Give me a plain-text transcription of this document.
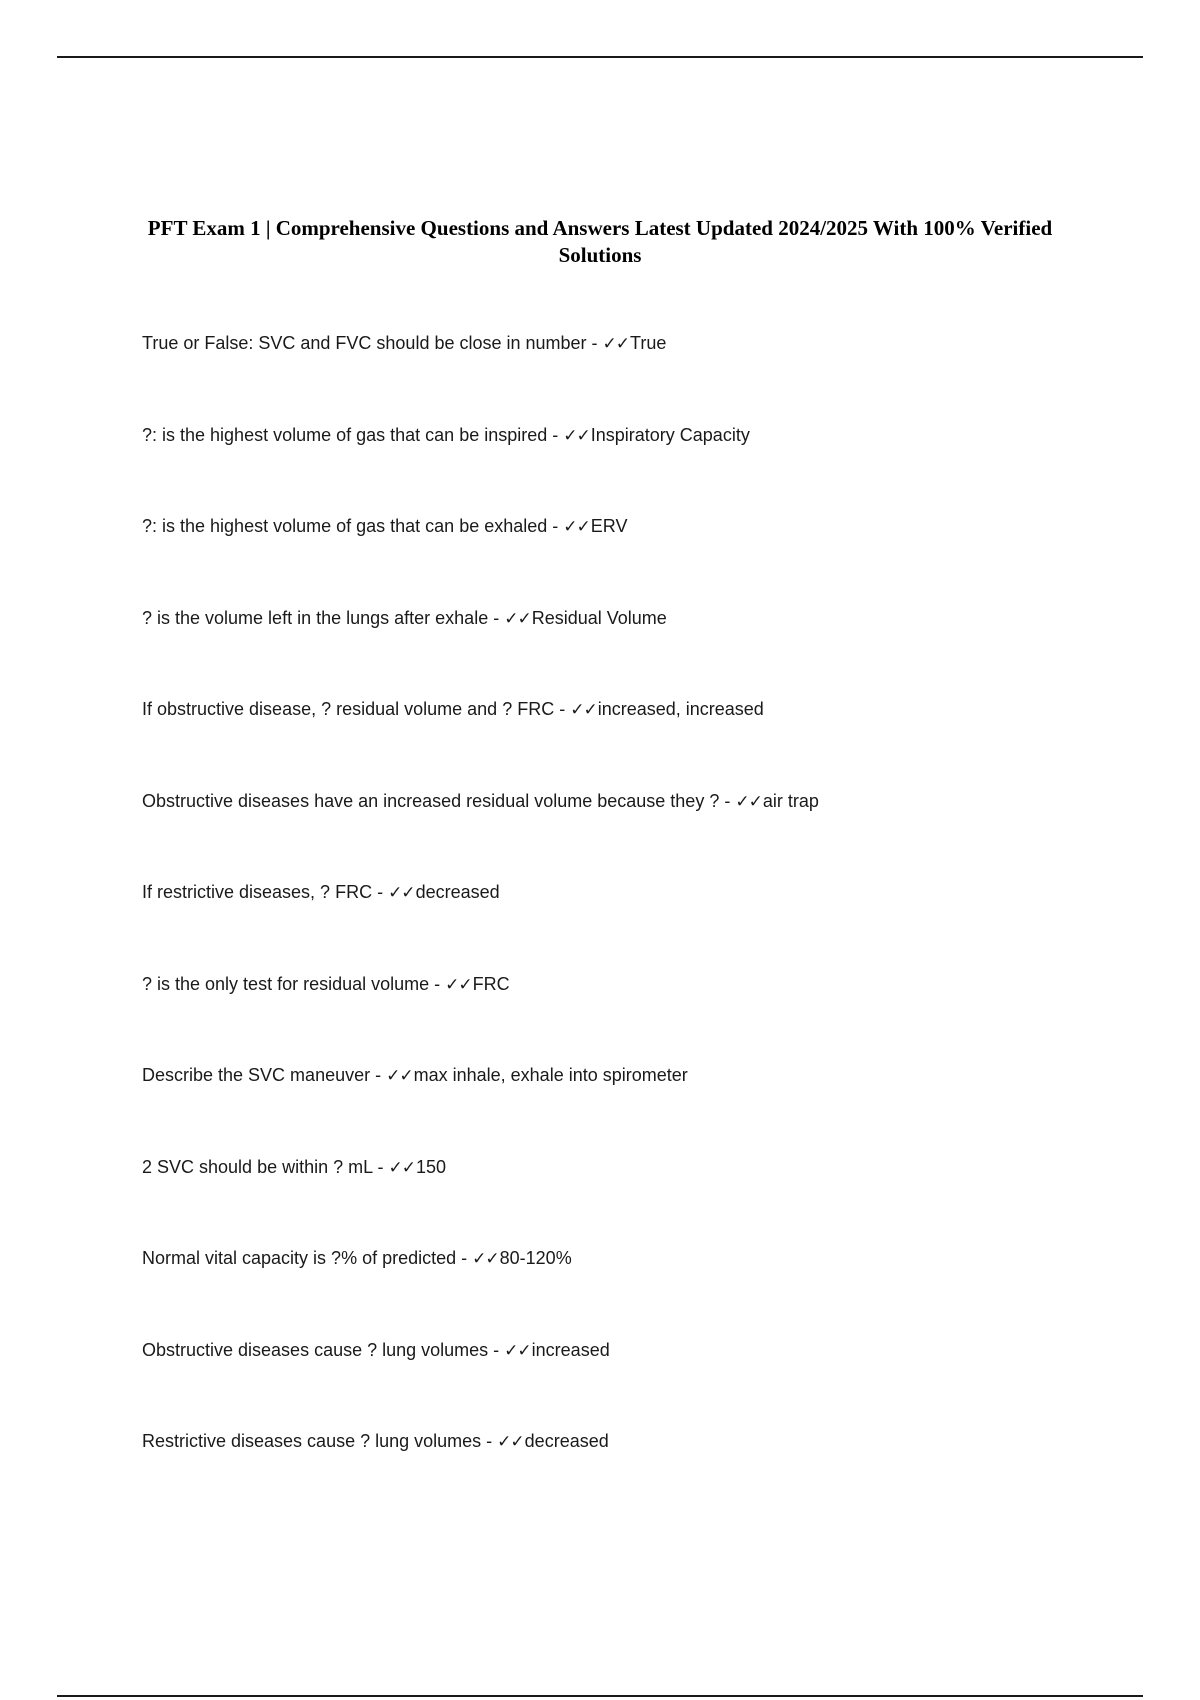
PFT Exam 1 | Comprehensive Questions and Answers Latest Updated 2024/2025 With 100% Verified Solutions
True or False: SVC and FVC should be close in number - ✓✓True
?: is the highest volume of gas that can be inspired - ✓✓Inspiratory Capacity
?: is the highest volume of gas that can be exhaled - ✓✓ERV
? is the volume left in the lungs after exhale - ✓✓Residual Volume
If obstructive disease, ? residual volume and ? FRC - ✓✓increased, increased
Obstructive diseases have an increased residual volume because they ? - ✓✓air trap
If restrictive diseases, ? FRC - ✓✓decreased
? is the only test for residual volume - ✓✓FRC
Describe the SVC maneuver - ✓✓max inhale, exhale into spirometer
2 SVC should be within ? mL - ✓✓150
Normal vital capacity is ?% of predicted - ✓✓80-120%
Obstructive diseases cause ? lung volumes - ✓✓increased
Restrictive diseases cause ? lung volumes - ✓✓decreased
